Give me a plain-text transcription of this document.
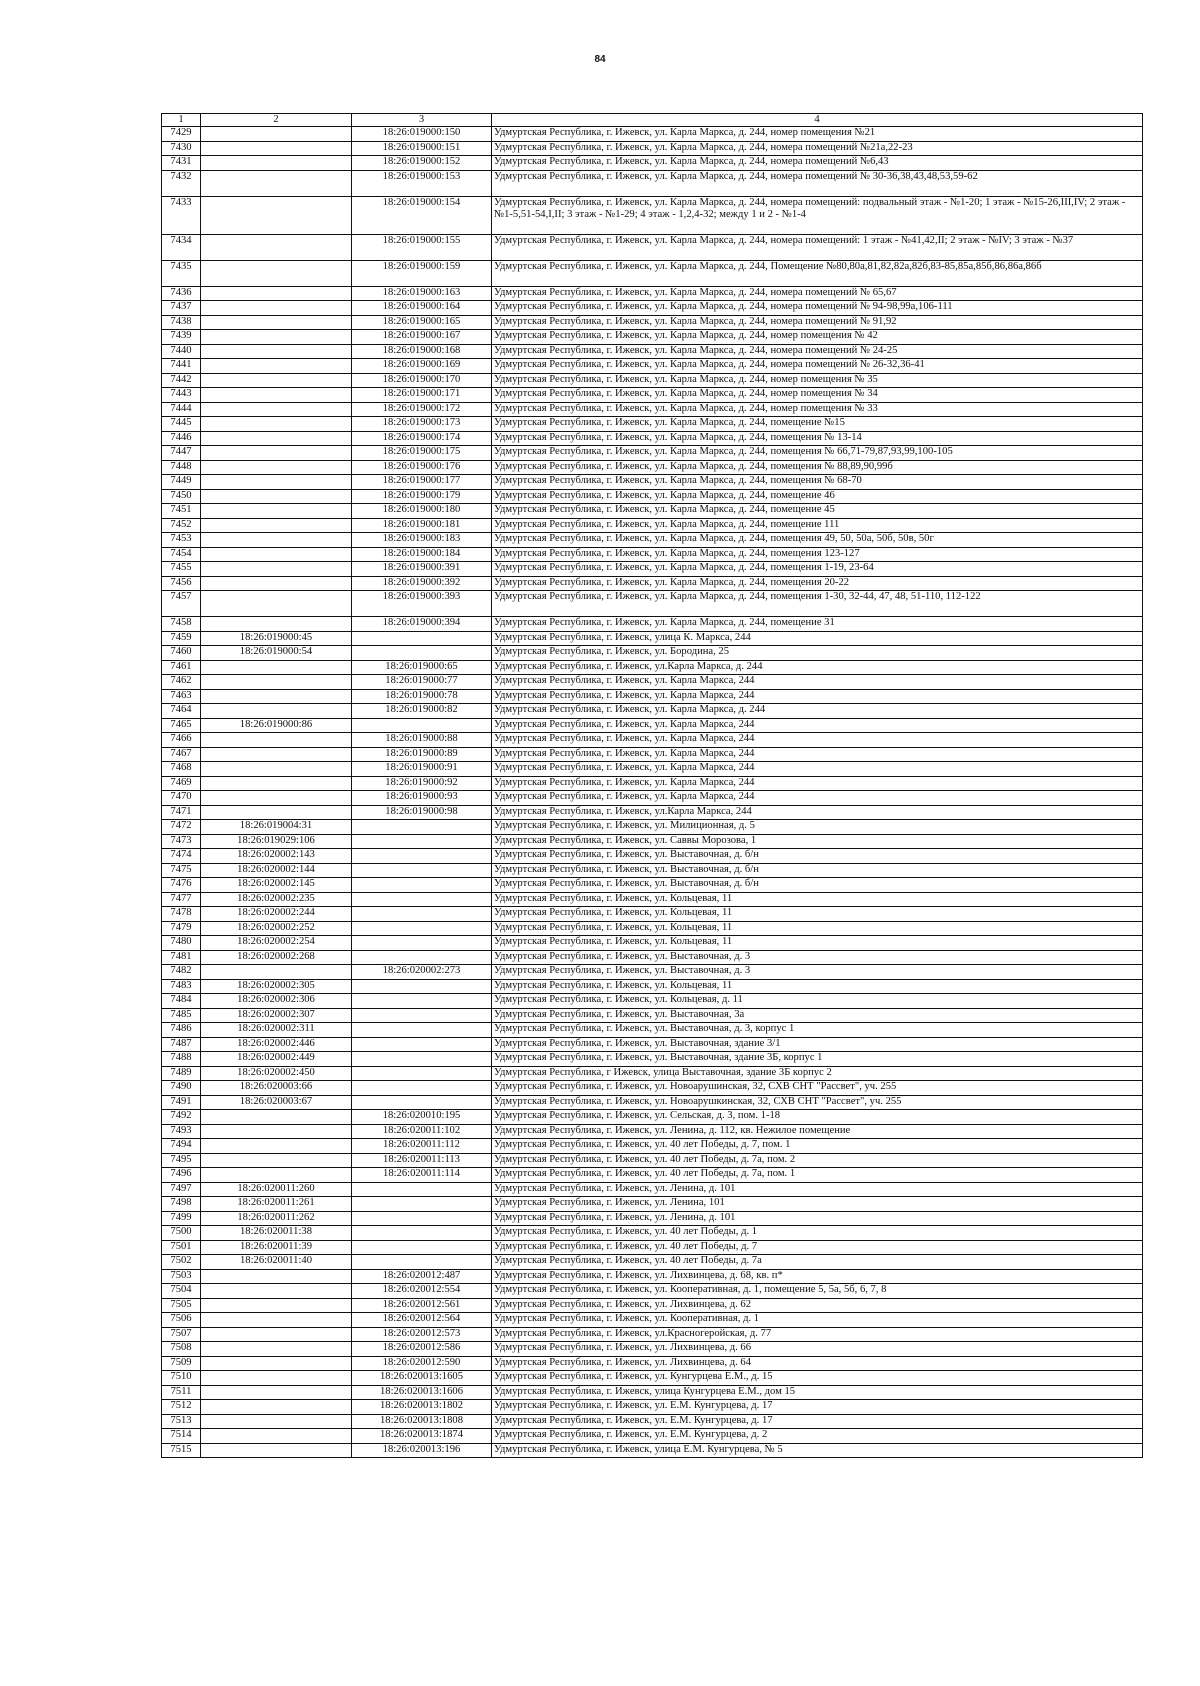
84
1	2	3	4
7429		18:26:019000:150	Удмуртская Республика, г. Ижевск, ул. Карла Маркса, д. 244, номер помещения №21
7430		18:26:019000:151	Удмуртская Республика, г. Ижевск, ул. Карла Маркса, д. 244, номера помещений №21а,22-23
7431		18:26:019000:152	Удмуртская Республика, г. Ижевск, ул. Карла Маркса, д. 244, номера помещений №6,43
7432		18:26:019000:153	Удмуртская Республика, г. Ижевск, ул. Карла Маркса, д. 244, номера помещений № 30-36,38,43,48,53,59-62
7433		18:26:019000:154	Удмуртская Республика, г. Ижевск, ул. Карла Маркса, д. 244, номера помещений: подвальный этаж - №1-20; 1 этаж - №15-26,III,IV; 2 этаж - №1-5,51-54,I,II; 3 этаж - №1-29; 4 этаж - 1,2,4-32; между 1 и 2 - №1-4
7434		18:26:019000:155	Удмуртская Республика, г. Ижевск, ул. Карла Маркса, д. 244, номера помещений: 1 этаж - №41,42,II; 2 этаж - №IV; 3 этаж - №37
7435		18:26:019000:159	Удмуртская Республика, г. Ижевск, ул. Карла Маркса, д. 244, Помещение №80,80а,81,82,82а,82б,83-85,85а,85б,86,86а,86б
7436		18:26:019000:163	Удмуртская Республика, г. Ижевск, ул. Карла Маркса, д. 244, номера помещений № 65,67
7437		18:26:019000:164	Удмуртская Республика, г. Ижевск, ул. Карла Маркса, д. 244, номера помещений № 94-98,99а,106-111
7438		18:26:019000:165	Удмуртская Республика, г. Ижевск, ул. Карла Маркса, д. 244, номера помещений № 91,92
7439		18:26:019000:167	Удмуртская Республика, г. Ижевск, ул. Карла Маркса, д. 244, номер помещения № 42
7440		18:26:019000:168	Удмуртская Республика, г. Ижевск, ул. Карла Маркса, д. 244, номера помещений № 24-25
7441		18:26:019000:169	Удмуртская Республика, г. Ижевск, ул. Карла Маркса, д. 244, номера помещений № 26-32,36-41
7442		18:26:019000:170	Удмуртская Республика, г. Ижевск, ул. Карла Маркса, д. 244, номер помещения № 35
7443		18:26:019000:171	Удмуртская Республика, г. Ижевск, ул. Карла Маркса, д. 244, номер помещения № 34
7444		18:26:019000:172	Удмуртская Республика, г. Ижевск, ул. Карла Маркса, д. 244, номер помещения № 33
7445		18:26:019000:173	Удмуртская Республика, г. Ижевск, ул. Карла Маркса, д. 244, помещение №15
7446		18:26:019000:174	Удмуртская Республика, г. Ижевск, ул. Карла Маркса, д. 244, помещения № 13-14
7447		18:26:019000:175	Удмуртская Республика, г. Ижевск, ул. Карла Маркса, д. 244, помещения № 66,71-79,87,93,99,100-105
7448		18:26:019000:176	Удмуртская Республика, г. Ижевск, ул. Карла Маркса, д. 244, помещения № 88,89,90,99б
7449		18:26:019000:177	Удмуртская Республика, г. Ижевск, ул. Карла Маркса, д. 244, помещения № 68-70
7450		18:26:019000:179	Удмуртская Республика, г. Ижевск, ул. Карла Маркса, д. 244, помещение 46
7451		18:26:019000:180	Удмуртская Республика, г. Ижевск, ул. Карла Маркса, д. 244, помещение 45
7452		18:26:019000:181	Удмуртская Республика, г. Ижевск, ул. Карла Маркса, д. 244, помещение 111
7453		18:26:019000:183	Удмуртская Республика, г. Ижевск, ул. Карла Маркса, д. 244, помещения 49, 50, 50а, 50б, 50в, 50г
7454		18:26:019000:184	Удмуртская Республика, г. Ижевск, ул. Карла Маркса, д. 244, помещения 123-127
7455		18:26:019000:391	Удмуртская Республика, г. Ижевск, ул. Карла Маркса, д. 244, помещения 1-19, 23-64
7456		18:26:019000:392	Удмуртская Республика, г. Ижевск, ул. Карла Маркса, д. 244, помещения 20-22
7457		18:26:019000:393	Удмуртская Республика, г. Ижевск, ул. Карла Маркса, д. 244, помещения 1-30, 32-44, 47, 48, 51-110, 112-122
7458		18:26:019000:394	Удмуртская Республика, г. Ижевск, ул. Карла Маркса, д. 244, помещение 31
7459	18:26:019000:45		Удмуртская Республика, г. Ижевск, улица К. Маркса, 244
7460	18:26:019000:54		Удмуртская Республика, г. Ижевск, ул. Бородина, 25
7461		18:26:019000:65	Удмуртская Республика, г. Ижевск, ул.Карла Маркса, д. 244
7462		18:26:019000:77	Удмуртская Республика, г. Ижевск, ул. Карла Маркса, 244
7463		18:26:019000:78	Удмуртская Республика, г. Ижевск, ул. Карла Маркса, 244
7464		18:26:019000:82	Удмуртская Республика, г. Ижевск, ул. Карла Маркса, д. 244
7465	18:26:019000:86		Удмуртская Республика, г. Ижевск, ул. Карла Маркса, 244
7466		18:26:019000:88	Удмуртская Республика, г. Ижевск, ул. Карла Маркса, 244
7467		18:26:019000:89	Удмуртская Республика, г. Ижевск, ул. Карла Маркса, 244
7468		18:26:019000:91	Удмуртская Республика, г. Ижевск, ул. Карла Маркса, 244
7469		18:26:019000:92	Удмуртская Республика, г. Ижевск, ул. Карла Маркса, 244
7470		18:26:019000:93	Удмуртская Республика, г. Ижевск, ул. Карла Маркса, 244
7471		18:26:019000:98	Удмуртская Республика, г. Ижевск, ул.Карла Маркса, 244
7472	18:26:019004:31		Удмуртская Республика, г. Ижевск, ул. Милиционная, д. 5
7473	18:26:019029:106		Удмуртская Республика, г. Ижевск, ул. Саввы Морозова, 1
7474	18:26:020002:143		Удмуртская Республика, г. Ижевск, ул. Выставочная, д. б/н
7475	18:26:020002:144		Удмуртская Республика, г. Ижевск, ул. Выставочная, д. б/н
7476	18:26:020002:145		Удмуртская Республика, г. Ижевск, ул. Выставочная, д. б/н
7477	18:26:020002:235		Удмуртская Республика, г. Ижевск, ул. Кольцевая, 11
7478	18:26:020002:244		Удмуртская Республика, г. Ижевск, ул. Кольцевая, 11
7479	18:26:020002:252		Удмуртская Республика, г. Ижевск, ул. Кольцевая, 11
7480	18:26:020002:254		Удмуртская Республика, г. Ижевск, ул. Кольцевая, 11
7481	18:26:020002:268		Удмуртская Республика, г. Ижевск, ул. Выставочная, д. 3
7482		18:26:020002:273	Удмуртская Республика, г. Ижевск, ул. Выставочная, д. 3
7483	18:26:020002:305		Удмуртская Республика, г. Ижевск, ул. Кольцевая, 11
7484	18:26:020002:306		Удмуртская Республика, г. Ижевск, ул. Кольцевая, д. 11
7485	18:26:020002:307		Удмуртская Республика, г. Ижевск, ул. Выставочная, 3а
7486	18:26:020002:311		Удмуртская Республика, г. Ижевск, ул. Выставочная, д. 3, корпус 1
7487	18:26:020002:446		Удмуртская Республика, г. Ижевск, ул. Выставочная, здание 3/1
7488	18:26:020002:449		Удмуртская Республика, г. Ижевск, ул. Выставочная, здание 3Б, корпус 1
7489	18:26:020002:450		Удмуртская Республика, г Ижевск, улица Выставочная, здание 3Б корпус 2
7490	18:26:020003:66		Удмуртская Республика, г. Ижевск, ул. Новоарушинская, 32, СХВ СНТ "Рассвет", уч. 255
7491	18:26:020003:67		Удмуртская Республика, г. Ижевск, ул. Новоарушкинская, 32, СХВ СНТ "Рассвет", уч. 255
7492		18:26:020010:195	Удмуртская Республика, г. Ижевск, ул. Сельская, д. 3, пом. 1-18
7493		18:26:020011:102	Удмуртская Республика, г. Ижевск, ул. Ленина, д. 112, кв. Нежилое помещение
7494		18:26:020011:112	Удмуртская Республика, г. Ижевск, ул. 40 лет Победы, д. 7, пом. 1
7495		18:26:020011:113	Удмуртская Республика, г. Ижевск, ул. 40 лет Победы, д. 7а, пом. 2
7496		18:26:020011:114	Удмуртская Республика, г. Ижевск, ул. 40 лет Победы, д. 7а, пом. 1
7497	18:26:020011:260		Удмуртская Республика, г. Ижевск, ул. Ленина, д. 101
7498	18:26:020011:261		Удмуртская Республика, г. Ижевск, ул. Ленина, 101
7499	18:26:020011:262		Удмуртская Республика, г. Ижевск, ул. Ленина, д. 101
7500	18:26:020011:38		Удмуртская Республика, г. Ижевск, ул. 40 лет Победы, д. 1
7501	18:26:020011:39		Удмуртская Республика, г. Ижевск, ул. 40 лет Победы, д. 7
7502	18:26:020011:40		Удмуртская Республика, г. Ижевск, ул. 40 лет Победы, д. 7а
7503		18:26:020012:487	Удмуртская Республика, г. Ижевск, ул. Лихвинцева, д. 68, кв. п*
7504		18:26:020012:554	Удмуртская Республика, г. Ижевск, ул. Кооперативная, д. 1, помещение 5, 5а, 5б, 6, 7, 8
7505		18:26:020012:561	Удмуртская Республика, г. Ижевск, ул. Лихвинцева, д. 62
7506		18:26:020012:564	Удмуртская Республика, г. Ижевск, ул. Кооперативная, д. 1
7507		18:26:020012:573	Удмуртская Республика, г. Ижевск, ул.Красногеройская, д. 77
7508		18:26:020012:586	Удмуртская Республика, г. Ижевск, ул. Лихвинцева, д. 66
7509		18:26:020012:590	Удмуртская Республика, г. Ижевск, ул. Лихвинцева, д. 64
7510		18:26:020013:1605	Удмуртская Республика, г. Ижевск, ул. Кунгурцева Е.М., д. 15
7511		18:26:020013:1606	Удмуртская Республика, г. Ижевск, улица Кунгурцева Е.М., дом 15
7512		18:26:020013:1802	Удмуртская Республика, г. Ижевск, ул. Е.М. Кунгурцева, д. 17
7513		18:26:020013:1808	Удмуртская Республика, г. Ижевск, ул. Е.М. Кунгурцева, д. 17
7514		18:26:020013:1874	Удмуртская Республика, г. Ижевск, ул. Е.М. Кунгурцева, д. 2
7515		18:26:020013:196	Удмуртская Республика, г. Ижевск, улица Е.М. Кунгурцева, № 5
